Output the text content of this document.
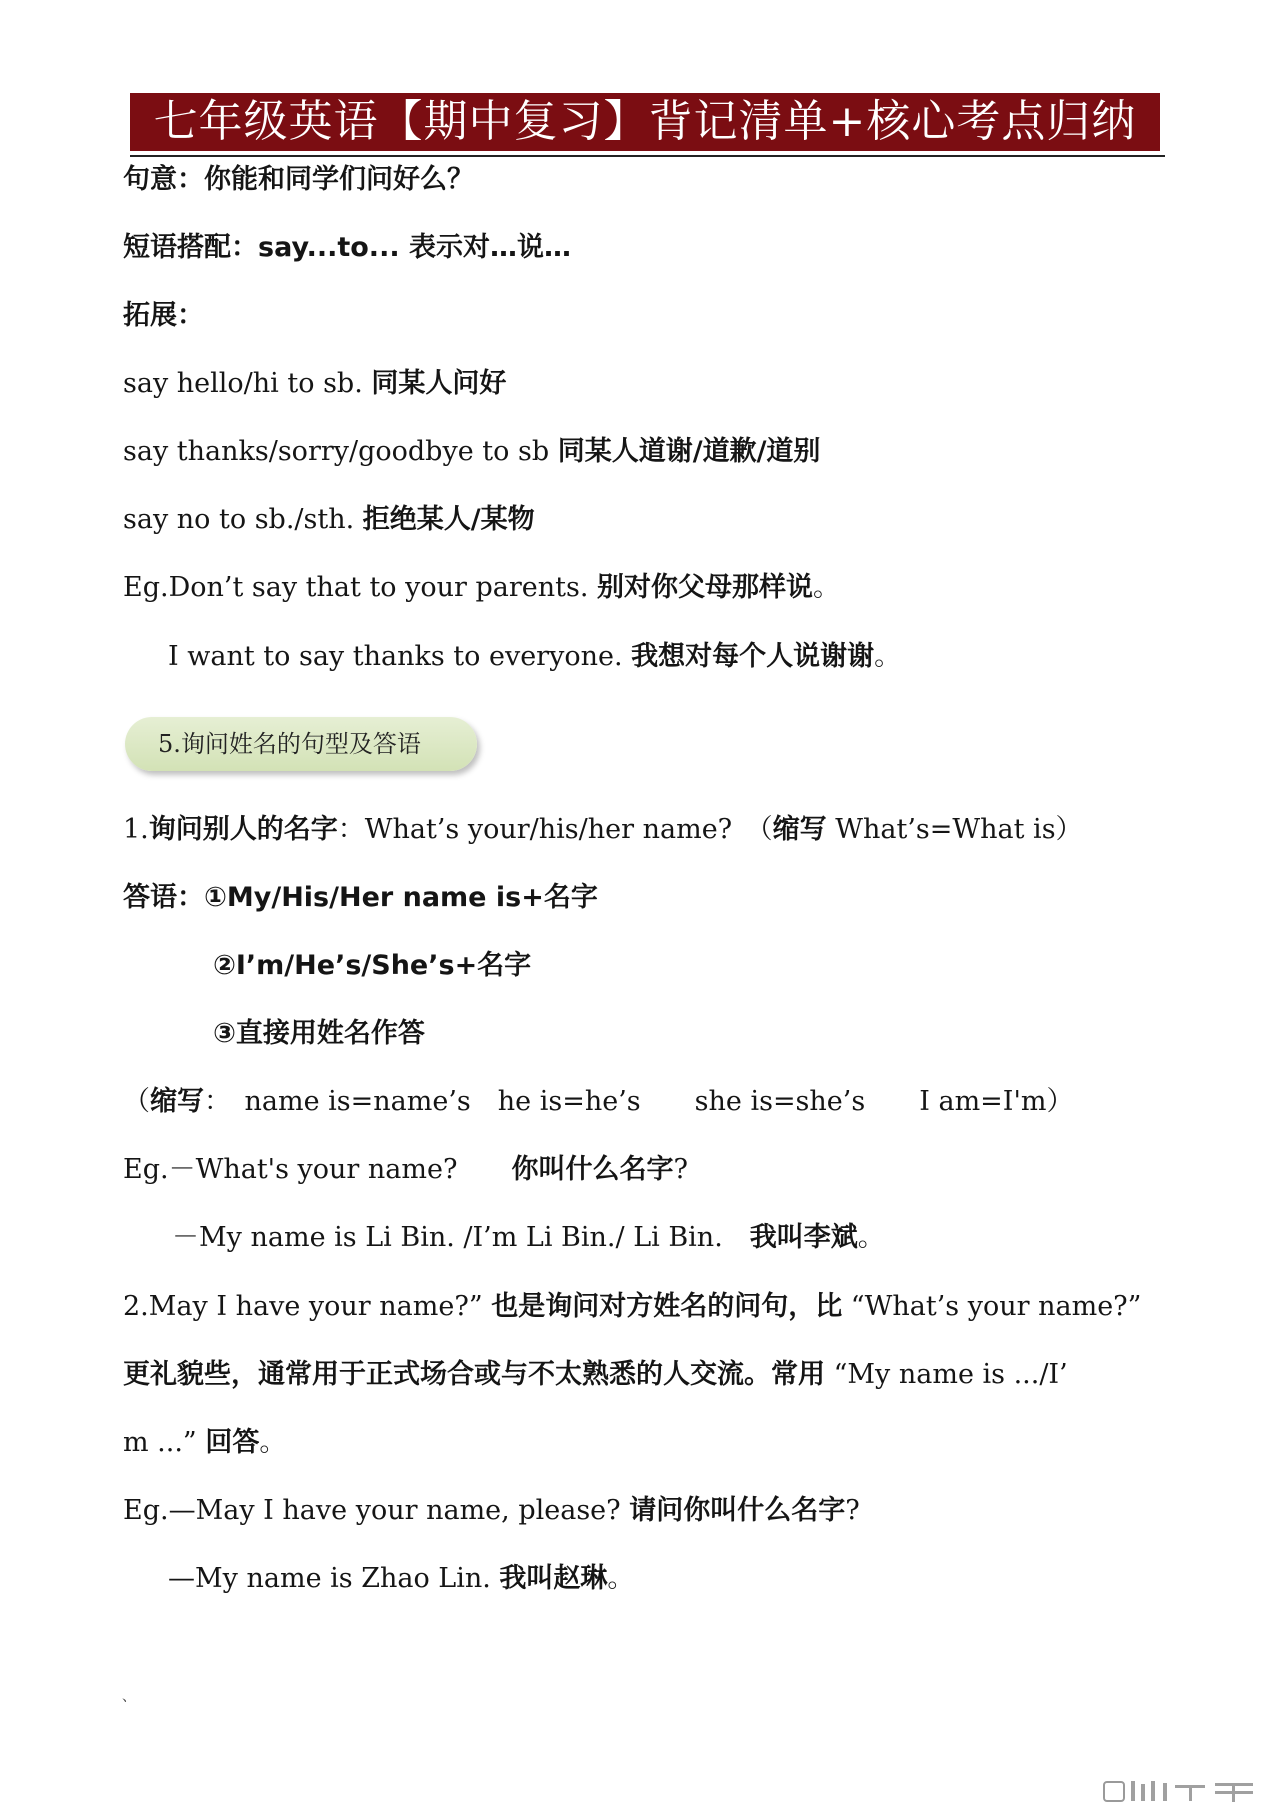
七年级英语【期中复习】背记清单+核心考点归纳
句意：你能和同学们问好么？
短语搭配：say...to... 表示对…说…
拓展：
say hello/hi to sb. 同某人问好
say thanks/sorry/goodbye to sb 同某人道谢/道歉/道别
say no to sb./sth. 拒绝某人/某物
Eg.Don’t say that to your parents. 别对你父母那样说。
I want to say thanks to everyone. 我想对每个人说谢谢。
5.询问姓名的句型及答语
1.询问别人的名字：What’s your/his/her name?　（缩写 What’s=What is）
答语：①My/His/Her name is+名字
②I’m/He’s/She’s+名字
③直接用姓名作答
（缩写：　name is=name’s　he is=he’s　　she is=she’s　　I am=I'm）
Eg.－What's your name?　　你叫什么名字?
－My name is Li Bin. /I’m Li Bin./ Li Bin.　我叫李斌。
2.May I have your name?” 也是询问对方姓名的问句，比 “What’s your name?”
更礼貌些，通常用于正式场合或与不太熟悉的人交流。常用 “My name is .../I’
m ...” 回答。
Eg.—May I have your name, please? 请问你叫什么名字?
—My name is Zhao Lin. 我叫赵琳。
、
